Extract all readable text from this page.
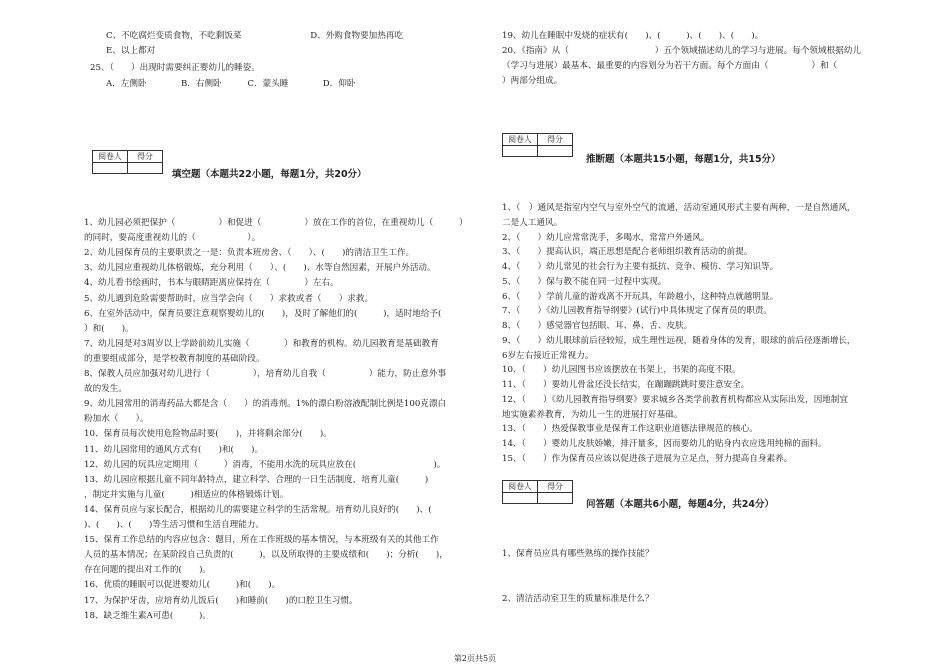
C、不吃腐烂变质食物，不吃剩饭菜　　　　　　　　D、外购食物要加热再吃
E、以上都对
25、（　　）出现时需要纠正婴幼儿的睡姿。
A．左侧卧　　　　B．右侧卧　　　C．蒙头睡　　　　D．仰卧
阅卷人	得分

填空题（本题共22小题，每题1分，共20分）
1、幼儿园必须把保护（　　　　　）和促进（　　　　　）放在工作的首位，在重视幼儿（　　　）
的同时，要高度重视幼儿的（　　　　　　）。
2、幼儿园保育员的主要职责之一是：负责本班房舍、（　　）、(　　)的清洁卫生工作。
3、幼儿园应重视幼儿体格锻炼，充分利用（　　）、(　　)、水等自然因素，开展户外活动。
4、幼儿看书绘画时，书本与眼睛距离应保持在（　　　　）左右。
5、幼儿遇到危险需要帮助时，应当学会向（　　）求救或者（　　）求救。
6、在室外活动中，保育员要注意观察婴幼儿的(　　)，及时了解他们的(　　　)，适时地给予(　　
）和(　　)。
7、幼儿园是对3周岁以上学龄前幼儿实施（　　　　）和教育的机构。幼儿园教育是基础教育
的重要组成部分，是学校教育制度的基础阶段。
8、保教人员应加强对幼儿进行（　　　　　），培育幼儿自我（　　　　　）能力，防止意外事
故的发生。
9、幼儿园常用的消毒药品大都是含（　　）的消毒剂。1%的漂白粉溶液配制比例是100克漂白
粉加水（　　）。
10、保育员每次使用危险物品时要(　　)，并将剩余部分(　　)。
11、幼儿园常用的通风方式有(　　)和(　　)。
12、幼儿园的玩具应定期用（　　　）消毒，不能用水洗的玩具应放在(　　　　　　　　　)。
13、幼儿园应根据儿童不同年龄特点，建立科学、合理的一日生活制度，培育儿童(　　　)
，制定并实施与儿童(　　　)相适应的体格锻炼计划。
14、保育员应与家长配合，根据幼儿的需要建立科学的生活常规。培育幼儿良好的(　　)、(　　
)、(　　)、(　　)等生活习惯和生活自理能力。
15、保育工作总结的内容应包含：题目，所在工作班级的基本情况，与本班级有关的其他工作
人员的基本情况；在某阶段自己负责的(　　　)，以及所取得的主要成绩和(　　)；分析(　　)，
存在问题的提出对工作的(　　)。
16、优质的睡眠可以促进婴幼儿(　　　)和(　　)。
17、为保护牙齿，应培育幼儿饭后(　　)和睡前(　　)的口腔卫生习惯。
18、缺乏维生素A可患(　　　)。
19、幼儿在睡眠中发烧的症状有(　　)、(　　　)、(　　)、(　　)。
20、《指南》从（　　　　　　　　　　）五个领域描述幼儿的学习与进展。每个领域根据幼儿
（学习与进展）最基本、最重要的内容划分为若干方面。每个方面由（　　　　　）和（　　
）两部分组成。
阅卷人	得分

推断题（本题共15小题，每题1分，共15分）
1、（　）通风是指室内空气与室外空气的流通，活动室通风形式主要有两种，一是自然通风，
二是人工通风。
2、（　　）幼儿应常常洗手，多喝水，常常户外通风。
3、（　　）提高认识，端正思想是配合老师组织教育活动的前提。
4、（　　）幼儿常见的社会行为主要有抵抗、竞争、模仿、学习知识等。
5、（　　）保与教不能在同一过程中实现。
6、（　　）学前儿童的游戏离不开玩具，年龄越小，这种特点就越明显。
7、（　　）《幼儿园教育指导纲要》(试行)中具体规定了保育员的职责。
8、（　　）感觉器官包括眼、耳、鼻、舌、皮肤。
9、（　　）幼儿眼球前后径较短，成生理性远视，随着身体的发育，眼球的前后径逐渐增长，
6岁左右接近正常视力。
10、（　　）幼儿园图书应该摆放在书架上，书架的高度不限。
11、（　　）要幼儿骨盆还没长结实，在蹦蹦跳跳时要注意安全。
12、（　　）《幼儿园教育指导纲要》要求城乡各类学前教育机构都应从实际出发，因地制宜
地实施素养教育，为幼儿一生的进展打好基础。
13、（　　）热爱保教事业是保育工作这职业道德法律规范的核心。
14、（　　）婴幼儿皮肤娇嫩，排汗量多，因而要幼儿的贴身内衣应选用纯棉的面料。
15、（　　）作为保育员应该以促进孩子进展为立足点，努力提高自身素养。
阅卷人	得分

问答题（本题共6小题，每题4分，共24分）
1、保育员应具有哪些熟练的操作技能？
2、清洁活动室卫生的质量标准是什么？
第2页共5页
